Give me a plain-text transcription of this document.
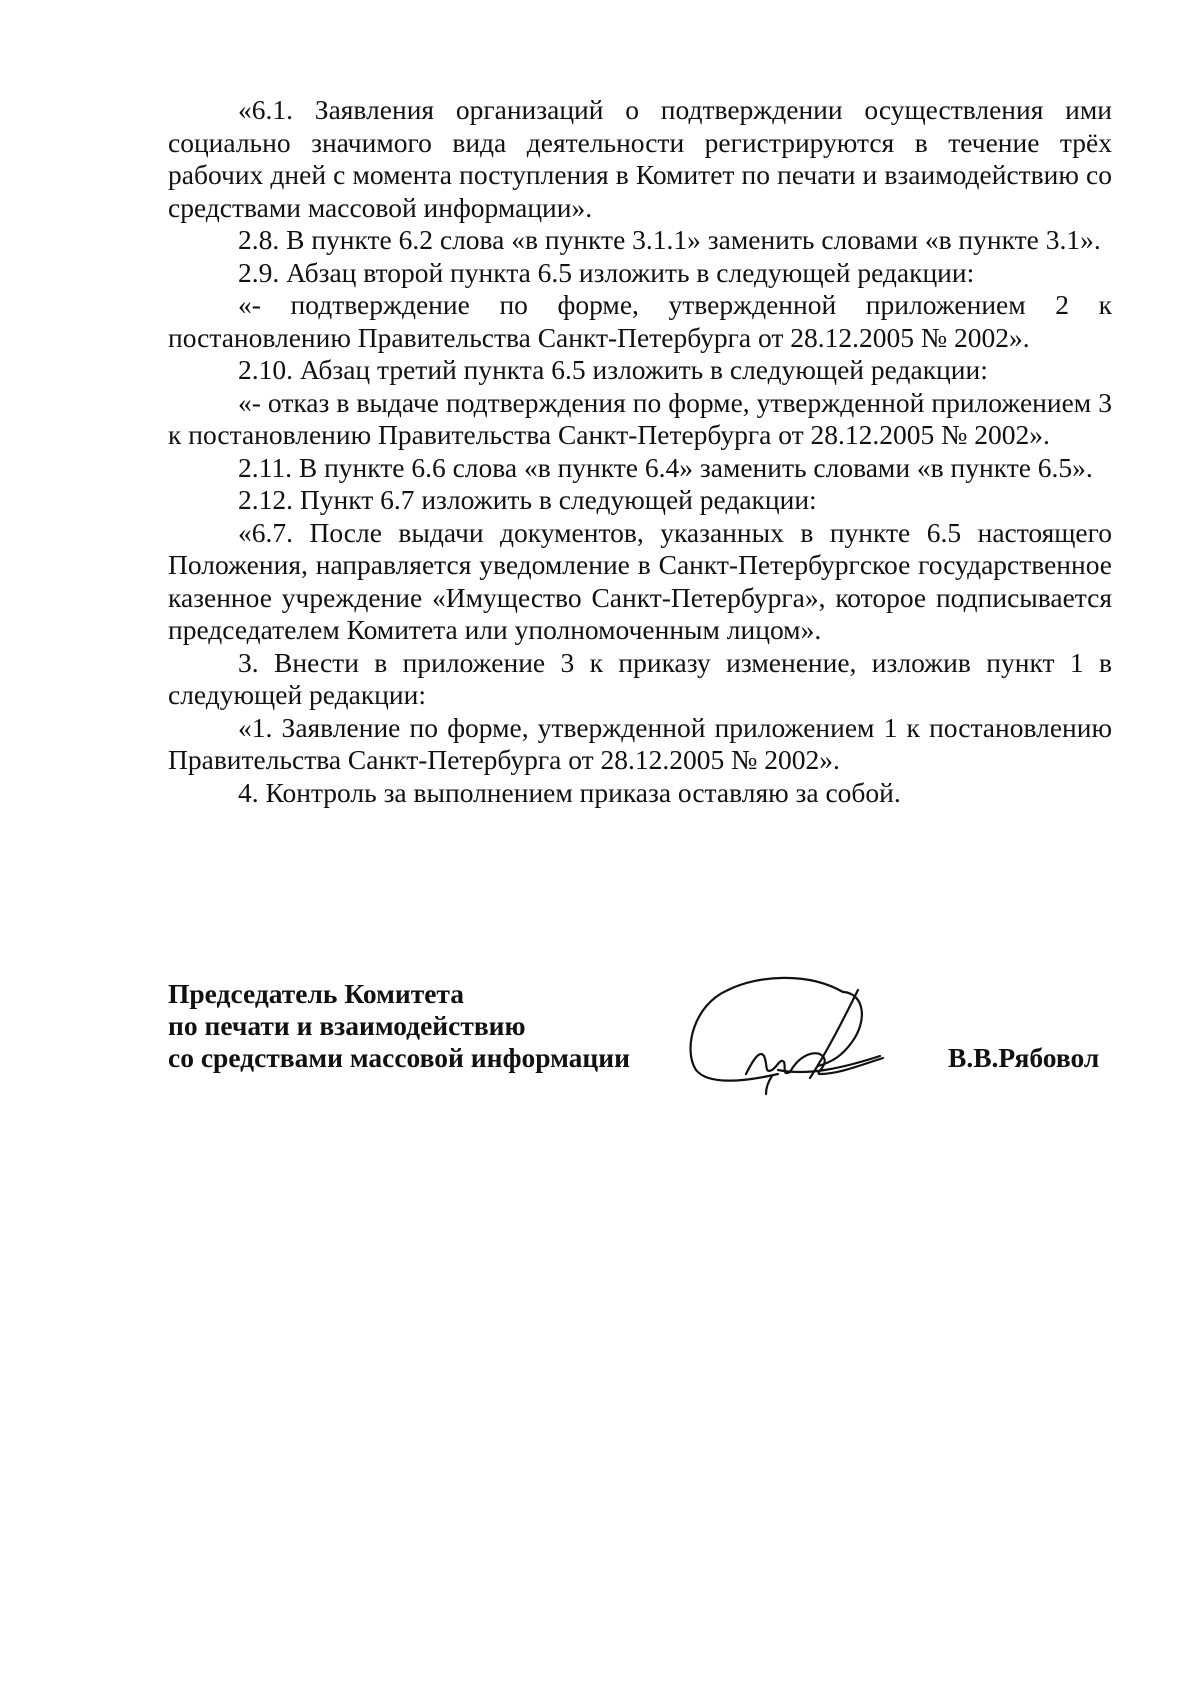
«6.1. Заявления организаций о подтверждении осуществления ими социально значимого вида деятельности регистрируются в течение трёх рабочих дней с момента поступления в Комитет по печати и взаимодействию со средствами массовой информации».

2.8. В пункте 6.2 слова «в пункте 3.1.1» заменить словами «в пункте 3.1».

2.9. Абзац второй пункта 6.5 изложить в следующей редакции:

«- подтверждение по форме, утвержденной приложением 2 к постановлению Правительства Санкт-Петербурга от 28.12.2005 № 2002».

2.10. Абзац третий пункта 6.5 изложить в следующей редакции:

«- отказ в выдаче подтверждения по форме, утвержденной приложением 3 к постановлению Правительства Санкт-Петербурга от 28.12.2005 № 2002».

2.11. В пункте 6.6 слова «в пункте 6.4» заменить словами «в пункте 6.5».

2.12. Пункт 6.7 изложить в следующей редакции:

«6.7. После выдачи документов, указанных в пункте 6.5 настоящего Положения, направляется уведомление в Санкт-Петербургское государственное казенное учреждение «Имущество Санкт-Петербурга», которое подписывается председателем Комитета или уполномоченным лицом».

3. Внести в приложение 3 к приказу изменение, изложив пункт 1 в следующей редакции:

«1. Заявление по форме, утвержденной приложением 1 к постановлению Правительства Санкт-Петербурга от 28.12.2005 № 2002».

4. Контроль за выполнением приказа оставляю за собой.

Председатель Комитета
по печати и взаимодействию
со средствами массовой информации	В.В.Рябовол
